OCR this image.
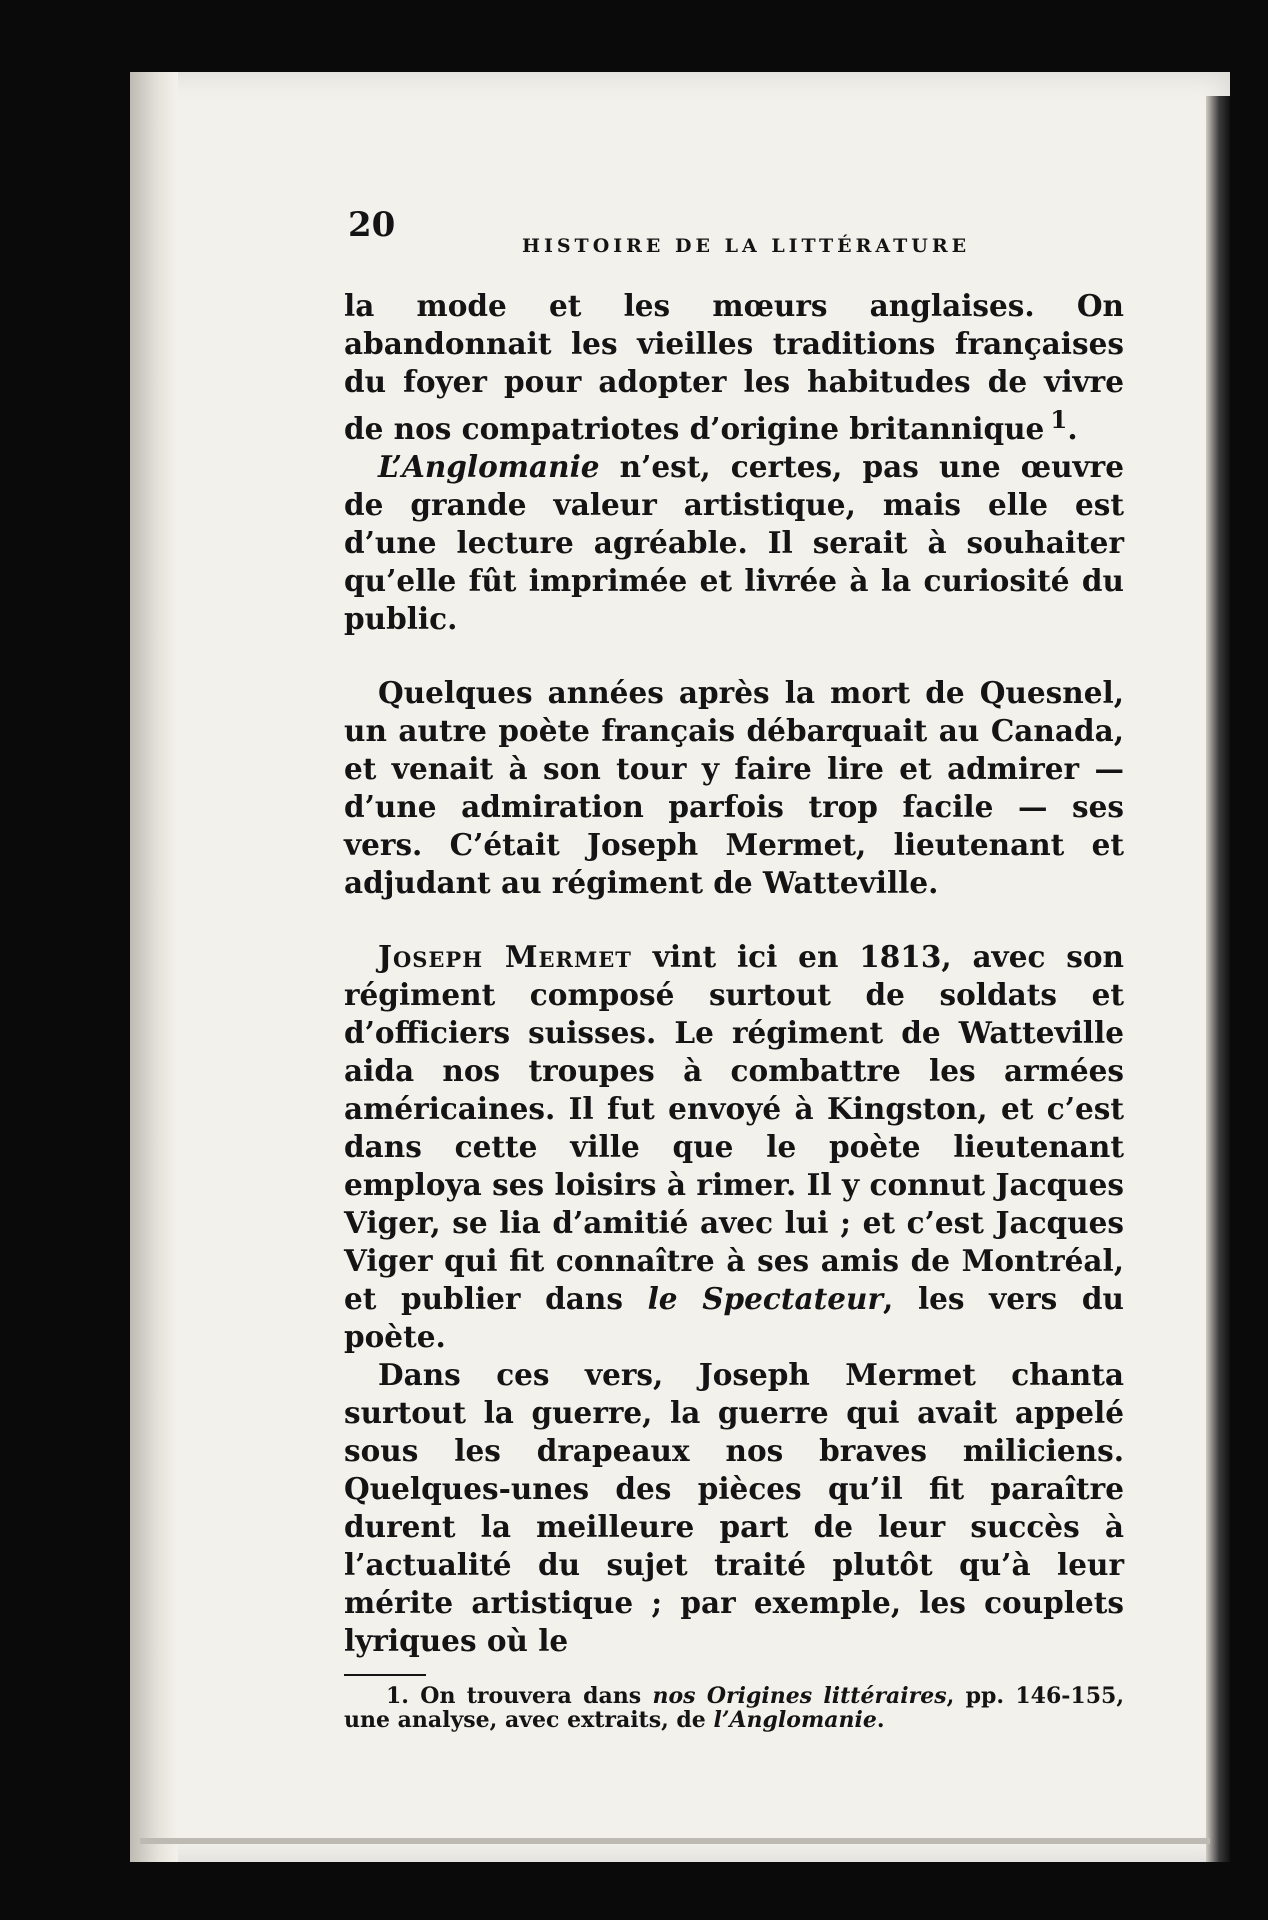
20
HISTOIRE DE LA LITTÉRATURE

la mode et les mœurs anglaises. On abandonnait les vieilles traditions françaises du foyer pour adopter les habitudes de vivre de nos compatriotes d’origine britannique  $^1$.

L’Anglomanie n’est, certes, pas une œuvre de grande valeur artistique, mais elle est d’une lecture agréable. Il serait à souhaiter qu’elle fût imprimée et livrée à la curiosité du public.

Quelques années après la mort de Quesnel, un autre poète français débarquait au Canada, et venait à son tour y faire lire et admirer — d’une admiration parfois trop facile — ses vers. C’était Joseph Mermet, lieutenant et adjudant au régiment de Watteville.

Joseph Mermet vint ici en 1813, avec son régiment composé surtout de soldats et d’officiers suisses. Le régiment de Watteville aida nos troupes à combattre les armées américaines. Il fut envoyé à Kingston, et c’est dans cette ville que le poète lieutenant employa ses loisirs à rimer. Il y connut Jacques Viger, se lia d’amitié avec lui ; et c’est Jacques Viger qui fit connaître à ses amis de Montréal, et publier dans le Spectateur, les vers du poète.

Dans ces vers, Joseph Mermet chanta surtout la guerre, la guerre qui avait appelé sous les drapeaux nos braves miliciens. Quelques-unes des pièces qu’il fit paraître durent la meilleure part de leur succès à l’actualité du sujet traité plutôt qu’à leur mérite artistique ; par exemple, les couplets lyriques où le

1. On trouvera dans nos Origines littéraires, pp. 146-155, une analyse, avec extraits, de l’Anglomanie.
